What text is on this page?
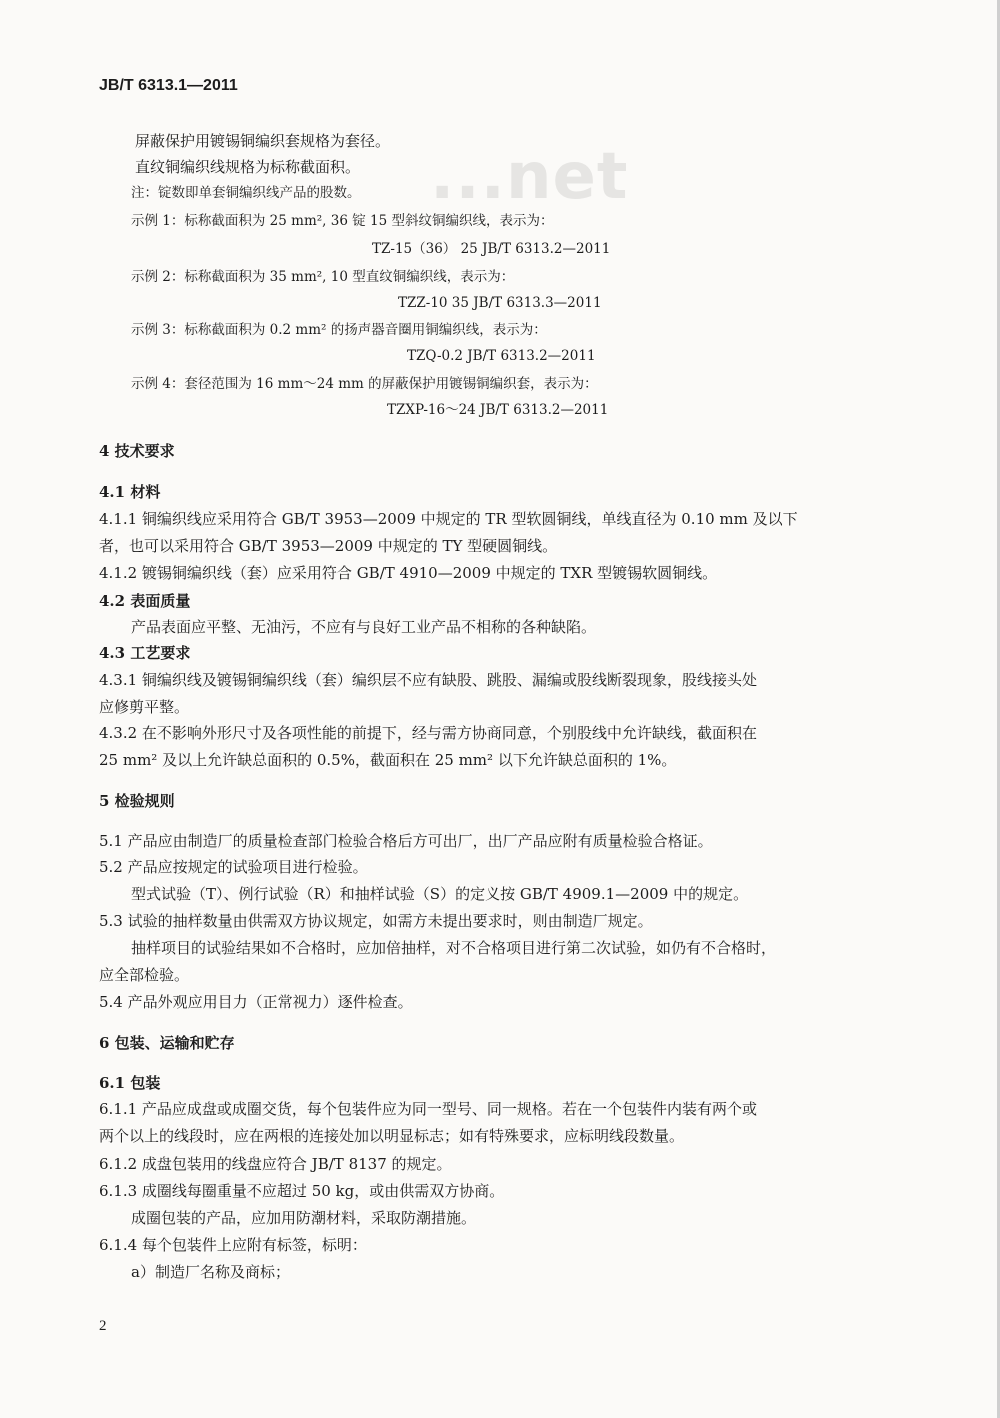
...net
JB/T 6313.1—2011
屏蔽保护用镀锡铜编织套规格为套径。
直纹铜编织线规格为标称截面积。
注：锭数即单套铜编织线产品的股数。
示例 1：标称截面积为 25 mm², 36 锭 15 型斜纹铜编织线，表示为：
TZ-15（36） 25 JB/T 6313.2—2011
示例 2：标称截面积为 35 mm², 10 型直纹铜编织线，表示为：
TZZ-10 35 JB/T 6313.3—2011
示例 3：标称截面积为 0.2 mm² 的扬声器音圈用铜编织线，表示为：
TZQ-0.2 JB/T 6313.2—2011
示例 4：套径范围为 16 mm～24 mm 的屏蔽保护用镀锡铜编织套，表示为：
TZXP-16～24 JB/T 6313.2—2011
4 技术要求
4.1 材料
4.1.1 铜编织线应采用符合 GB/T 3953—2009 中规定的 TR 型软圆铜线，单线直径为 0.10 mm 及以下
者，也可以采用符合 GB/T 3953—2009 中规定的 TY 型硬圆铜线。
4.1.2 镀锡铜编织线（套）应采用符合 GB/T 4910—2009 中规定的 TXR 型镀锡软圆铜线。
4.2 表面质量
产品表面应平整、无油污，不应有与良好工业产品不相称的各种缺陷。
4.3 工艺要求
4.3.1 铜编织线及镀锡铜编织线（套）编织层不应有缺股、跳股、漏编或股线断裂现象，股线接头处
应修剪平整。
4.3.2 在不影响外形尺寸及各项性能的前提下，经与需方协商同意，个别股线中允许缺线，截面积在
25 mm² 及以上允许缺总面积的 0.5%，截面积在 25 mm² 以下允许缺总面积的 1%。
5 检验规则
5.1 产品应由制造厂的质量检查部门检验合格后方可出厂，出厂产品应附有质量检验合格证。
5.2 产品应按规定的试验项目进行检验。
型式试验（T）、例行试验（R）和抽样试验（S）的定义按 GB/T 4909.1—2009 中的规定。
5.3 试验的抽样数量由供需双方协议规定，如需方未提出要求时，则由制造厂规定。
抽样项目的试验结果如不合格时，应加倍抽样，对不合格项目进行第二次试验，如仍有不合格时，
应全部检验。
5.4 产品外观应用目力（正常视力）逐件检查。
6 包装、运输和贮存
6.1 包装
6.1.1 产品应成盘或成圈交货，每个包装件应为同一型号、同一规格。若在一个包装件内装有两个或
两个以上的线段时，应在两根的连接处加以明显标志；如有特殊要求，应标明线段数量。
6.1.2 成盘包装用的线盘应符合 JB/T 8137 的规定。
6.1.3 成圈线每圈重量不应超过 50 kg，或由供需双方协商。
成圈包装的产品，应加用防潮材料，采取防潮措施。
6.1.4 每个包装件上应附有标签，标明：
a）制造厂名称及商标；
2
